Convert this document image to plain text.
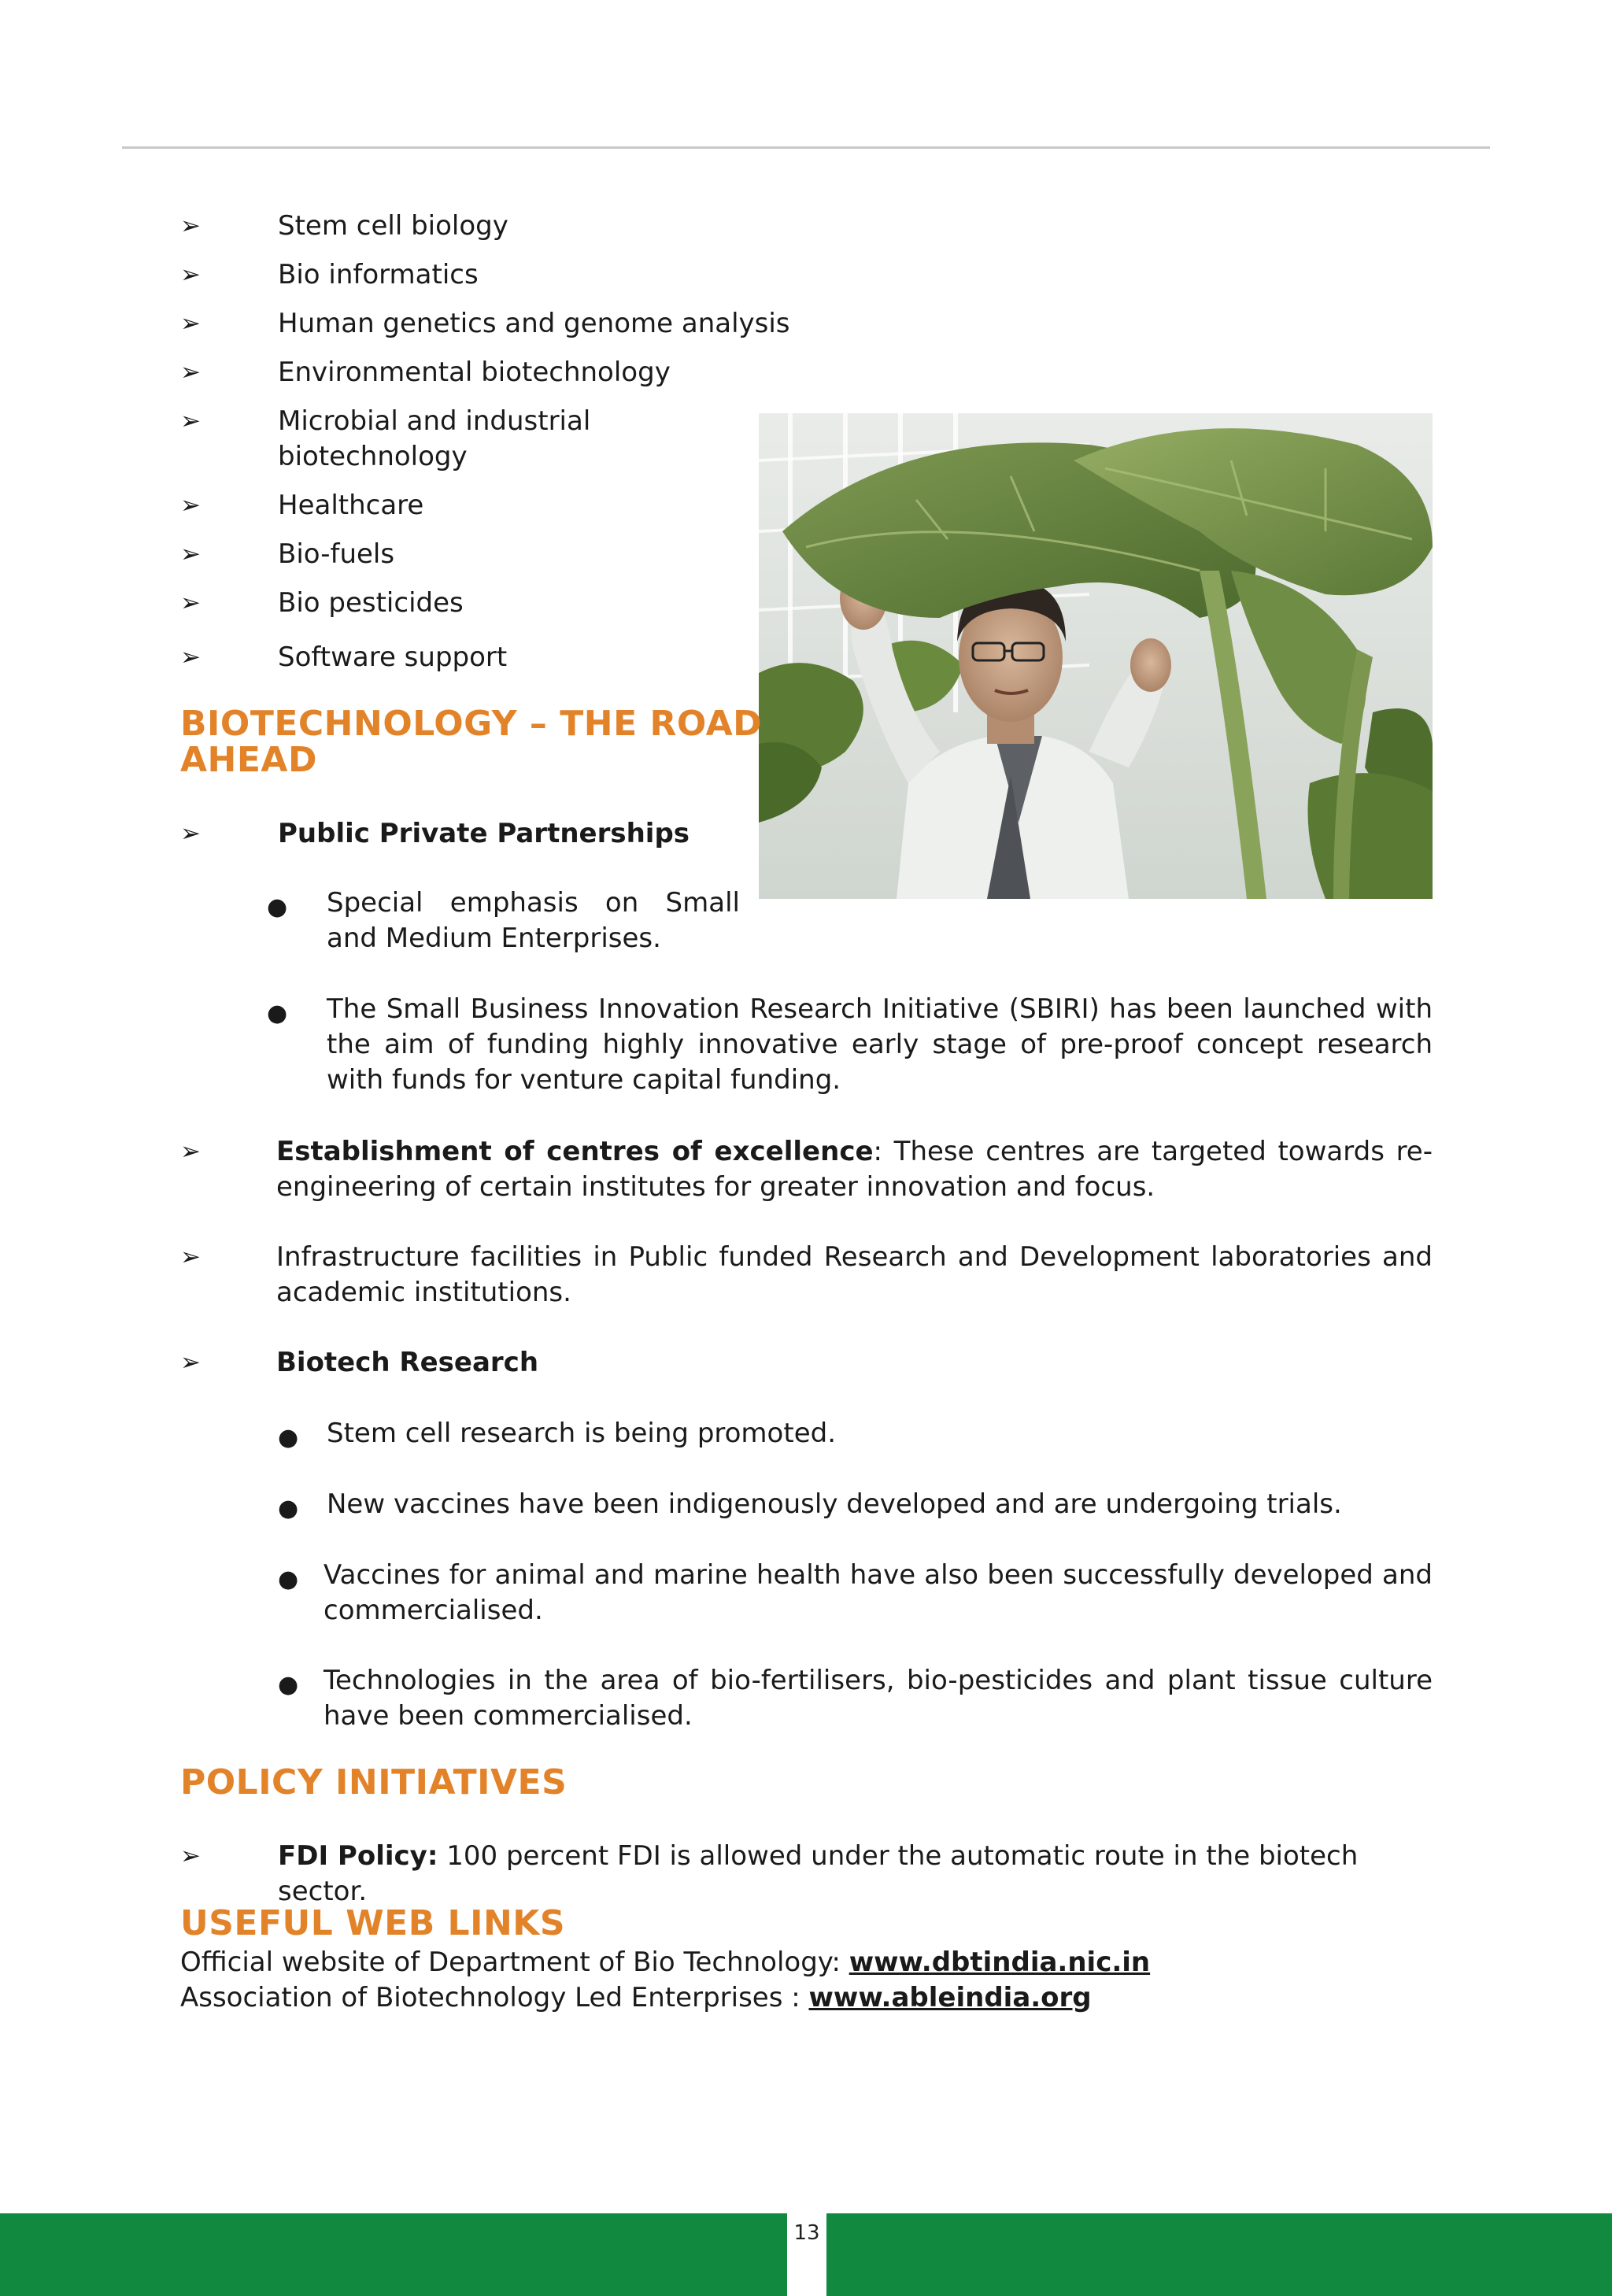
➢	Stem cell biology
➢	Bio informatics
➢	Human genetics and genome analysis
➢	Environmental biotechnology
➢	Microbial and industrial biotechnology
➢	Healthcare
➢	Bio-fuels
➢	Bio pesticides
➢	Software support
BIOTECHNOLOGY – THE ROAD
AHEAD
➢	Public Private Partnerships
● Special emphasis on Small and Medium Enterprises.
● The Small Business Innovation Research Initiative (SBIRI) has been launched with the aim of funding highly innovative early stage of pre-proof concept research with funds for venture capital funding.
➢	Establishment of centres of excellence: These centres are targeted towards re-engineering of certain institutes for greater innovation and focus.
➢	Infrastructure facilities in Public funded Research and Development laboratories and academic institutions.
➢	Biotech Research
● Stem cell research is being promoted.
● New vaccines have been indigenously developed and are undergoing trials.
● Vaccines for animal and marine health have also been successfully developed and commercialised.
● Technologies in the area of bio-fertilisers, bio-pesticides and plant tissue culture have been commercialised.
POLICY INITIATIVES
➢	FDI Policy: 100 percent FDI is allowed under the automatic route in the biotech sector.
USEFUL WEB LINKS
Official website of Department of Bio Technology: www.dbtindia.nic.in
Association of Biotechnology Led Enterprises : www.ableindia.org
13
